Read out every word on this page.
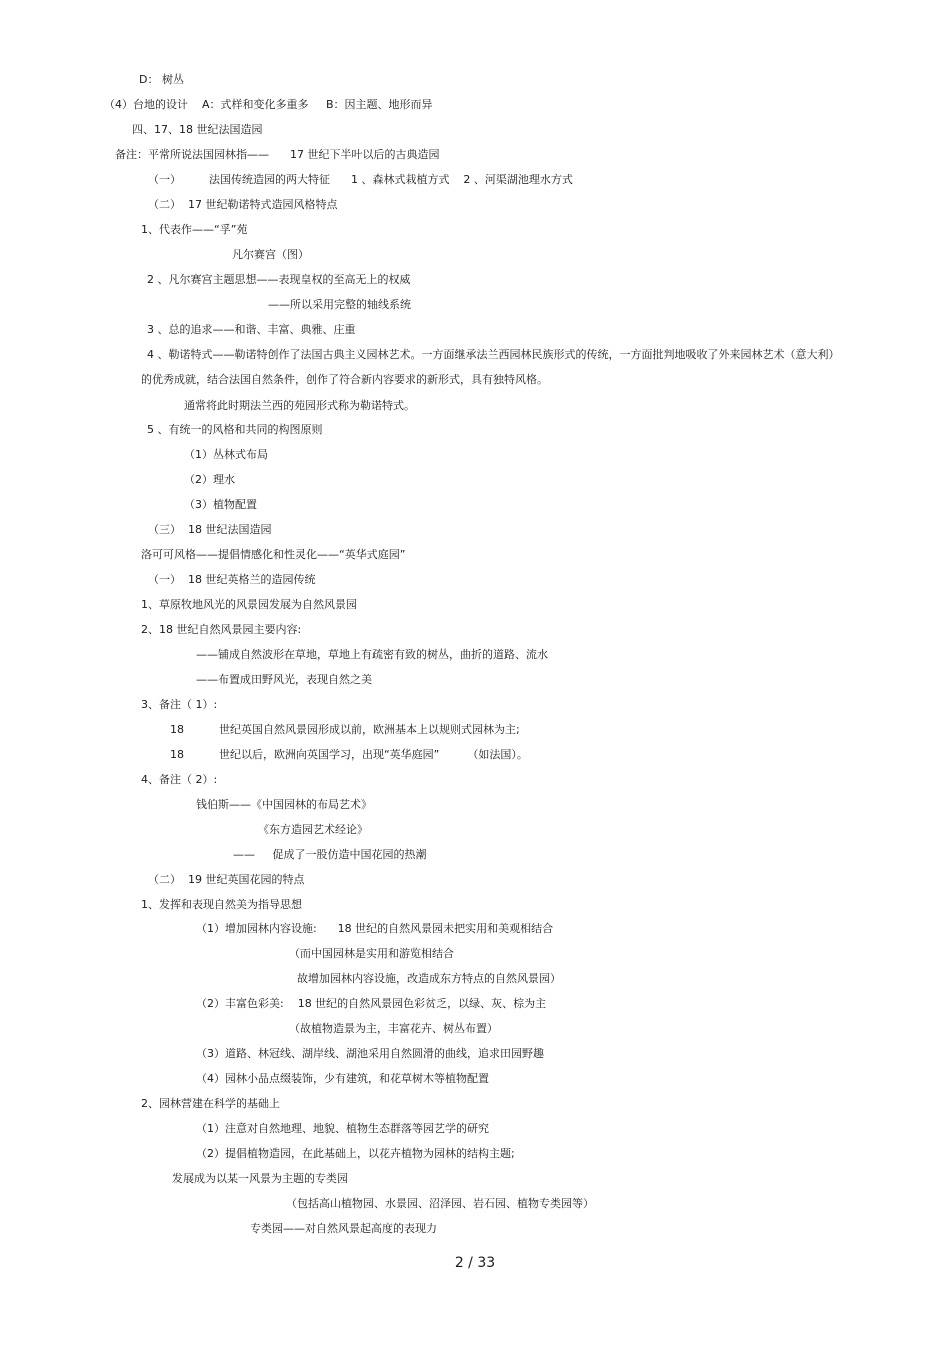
D： 树丛
（4）台地的设计    A：式样和变化多重多     B：因主题、地形而异
四、17、18 世纪法国造园
备注：平常所说法国园林指——      17 世纪下半叶以后的古典造园
（一）        法国传统造园的两大特征      1 、森林式栽植方式    2 、河渠湖池理水方式
（二）  17 世纪勒诺特式造园风格特点
1、代表作——“孚”苑
凡尔赛宫（图）
2 、凡尔赛宫主题思想——表现皇权的至高无上的权威
——所以采用完整的轴线系统
3 、总的追求——和谐、丰富、典雅、庄重
4 、勒诺特式——勒诺特创作了法国古典主义园林艺术。一方面继承法兰西园林民族形式的传统，一方面批判地吸收了外来园林艺术（意大利）
的优秀成就，结合法国自然条件，创作了符合新内容要求的新形式，具有独特风格。
通常将此时期法兰西的苑园形式称为勒诺特式。
5 、有统一的风格和共同的构图原则
（1）丛林式布局
（2）理水
（3）植物配置
（三）  18 世纪法国造园
洛可可风格——提倡情感化和性灵化——“英华式庭园”
（一）  18 世纪英格兰的造园传统
1、草原牧地风光的风景园发展为自然风景园
2、18 世纪自然风景园主要内容:
——铺成自然波形在草地，草地上有疏密有致的树丛，曲折的道路、流水
——布置成田野风光，表现自然之美
3、备注（ 1）:
18          世纪英国自然风景园形成以前，欧洲基本上以规则式园林为主;
18          世纪以后，欧洲向英国学习，出现“英华庭园”        （如法国）。
4、备注（ 2）:
钱伯斯——《中国园林的布局艺术》
《东方造园艺术经论》
——     促成了一股仿造中国花园的热潮
（二）  19 世纪英国花园的特点
1、发挥和表现自然美为指导思想
（1）增加园林内容设施:      18 世纪的自然风景园未把实用和美观相结合
（而中国园林是实用和游览相结合
故增加园林内容设施，改造成东方特点的自然风景园）
（2）丰富色彩美:    18 世纪的自然风景园色彩贫乏，以绿、灰、棕为主
（故植物造景为主，丰富花卉、树丛布置）
（3）道路、林冠线、湖岸线、湖池采用自然圆滑的曲线，追求田园野趣
（4）园林小品点缀装饰，少有建筑，和花草树木等植物配置
2、园林营建在科学的基础上
（1）注意对自然地理、地貌、植物生态群落等园艺学的研究
（2）提倡植物造园，在此基础上，以花卉植物为园林的结构主题;
发展成为以某一风景为主题的专类园
（包括高山植物园、水景园、沼泽园、岩石园、植物专类园等）
专类园——对自然风景起高度的表现力
2 / 33
